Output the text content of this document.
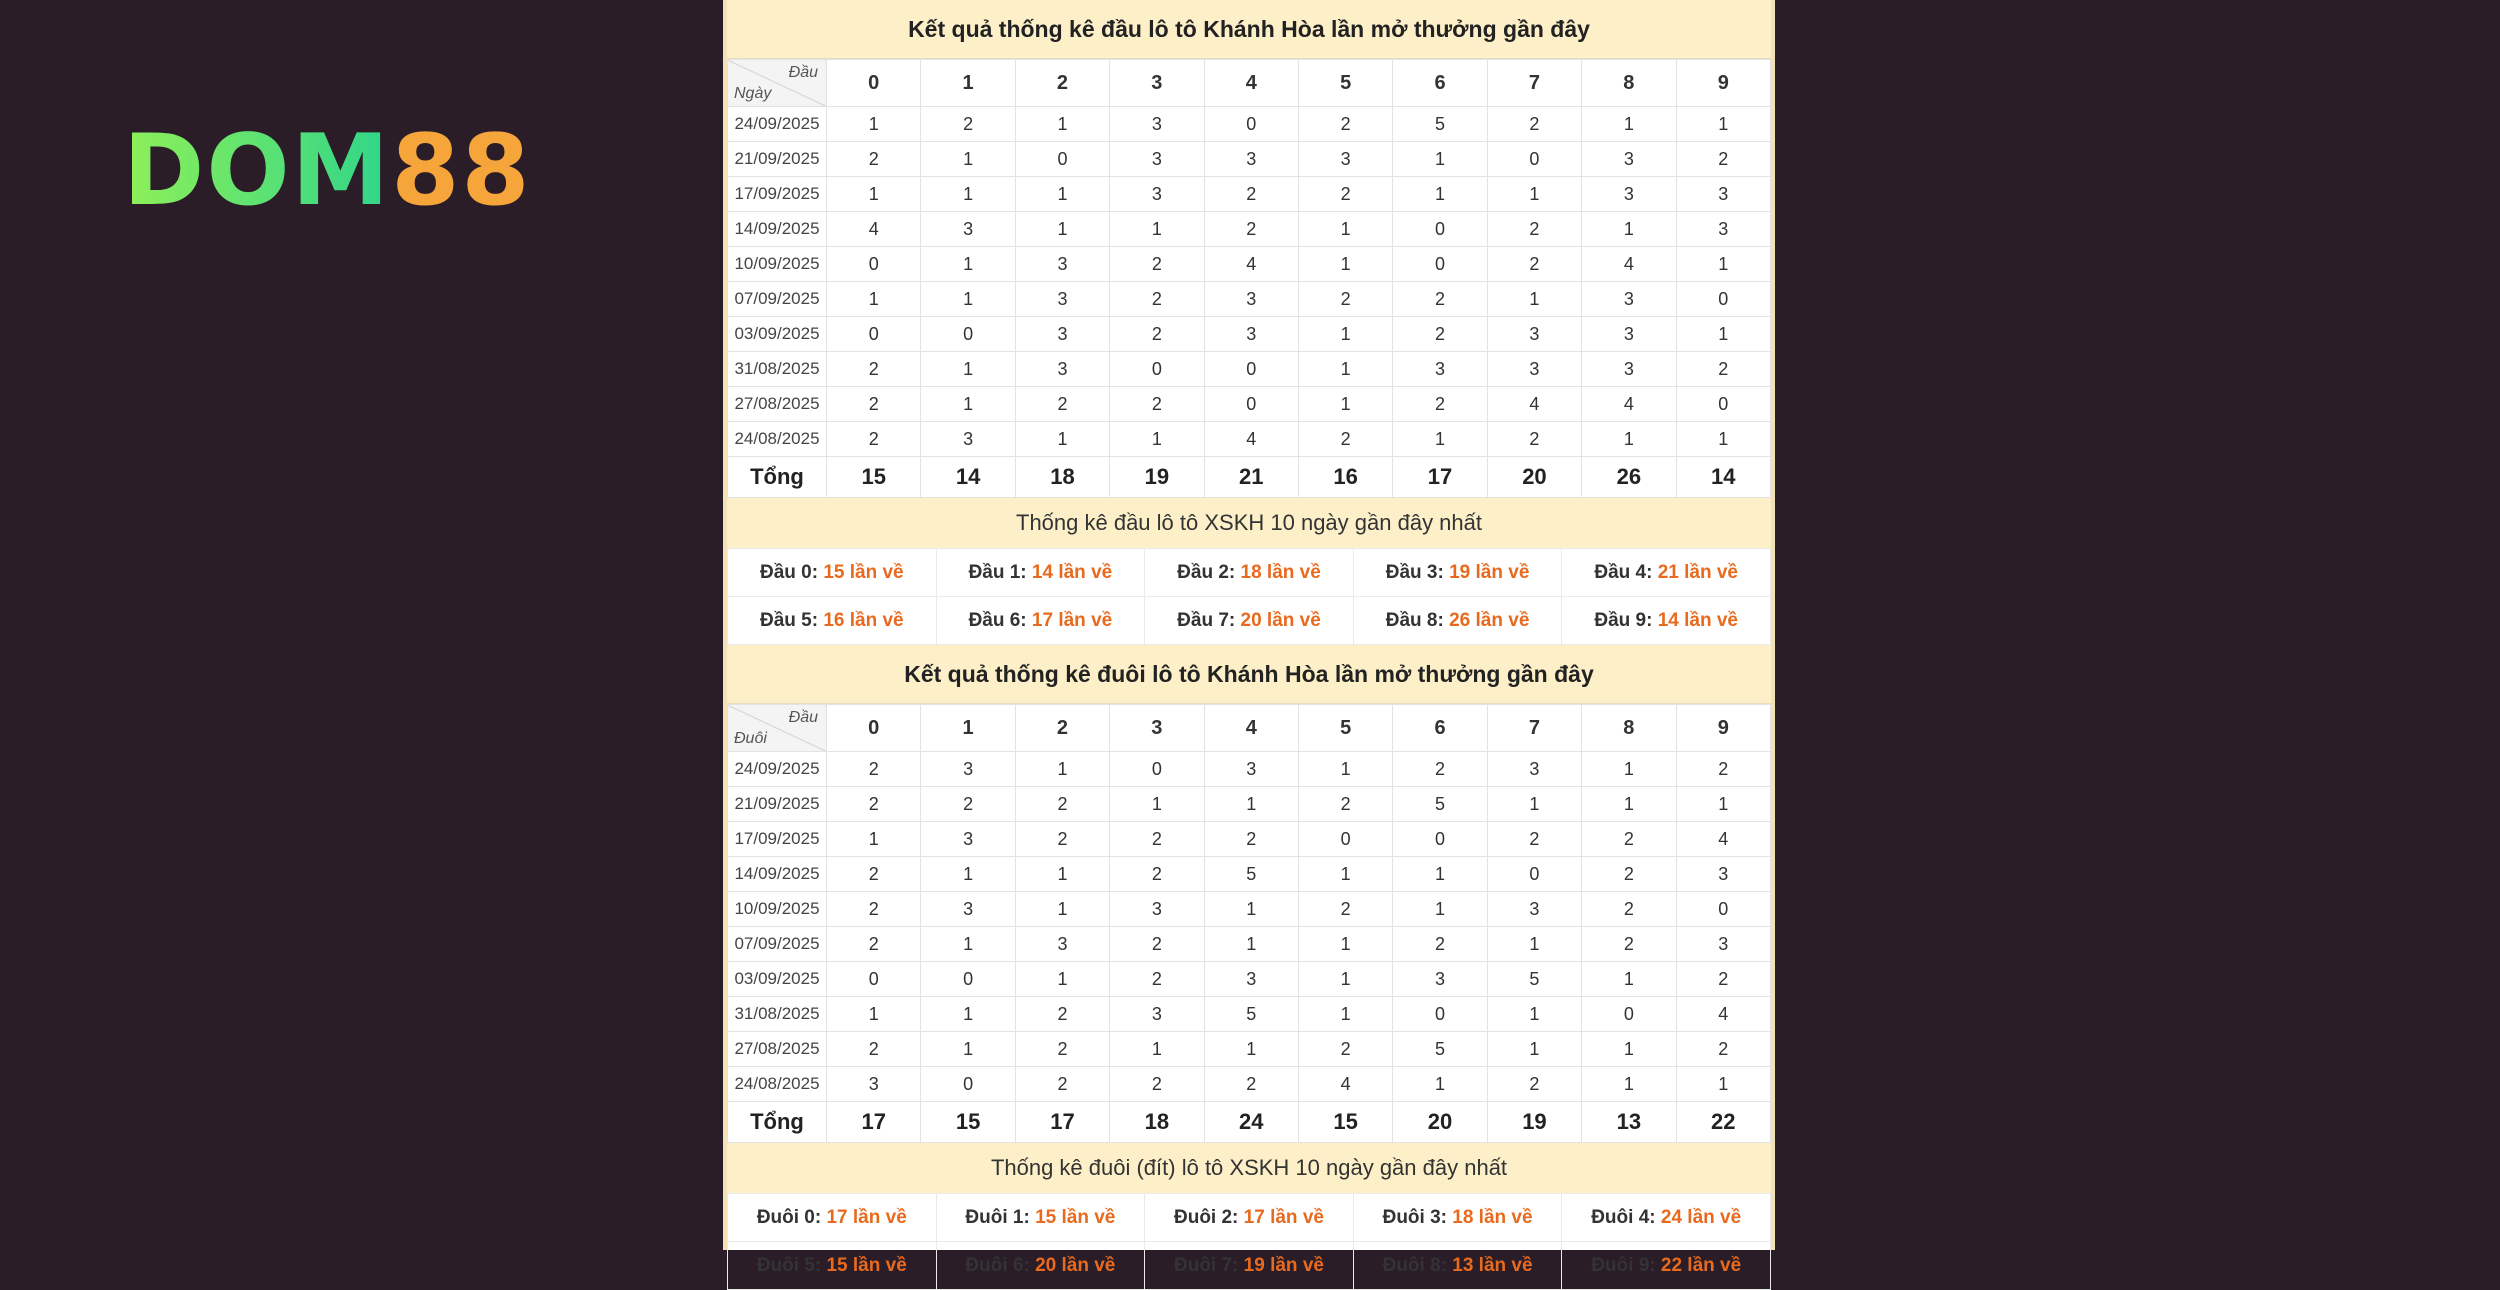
DOM88
Kết quả thống kê đầu lô tô Khánh Hòa lần mở thưởng gần đây
Đầu
Ngày	0	1	2	3	4	5	6	7	8	9
24/09/2025	1	2	1	3	0	2	5	2	1	1
21/09/2025	2	1	0	3	3	3	1	0	3	2
17/09/2025	1	1	1	3	2	2	1	1	3	3
14/09/2025	4	3	1	1	2	1	0	2	1	3
10/09/2025	0	1	3	2	4	1	0	2	4	1
07/09/2025	1	1	3	2	3	2	2	1	3	0
03/09/2025	0	0	3	2	3	1	2	3	3	1
31/08/2025	2	1	3	0	0	1	3	3	3	2
27/08/2025	2	1	2	2	0	1	2	4	4	0
24/08/2025	2	3	1	1	4	2	1	2	1	1
Tổng	15	14	18	19	21	16	17	20	26	14
Thống kê đầu lô tô XSKH 10 ngày gần đây nhất
Đầu 0: 15 lần về	Đầu 1: 14 lần về	Đầu 2: 18 lần về	Đầu 3: 19 lần về	Đầu 4: 21 lần về
Đầu 5: 16 lần về	Đầu 6: 17 lần về	Đầu 7: 20 lần về	Đầu 8: 26 lần về	Đầu 9: 14 lần về
Kết quả thống kê đuôi lô tô Khánh Hòa lần mở thưởng gần đây
Đầu
Đuôi	0	1	2	3	4	5	6	7	8	9
24/09/2025	2	3	1	0	3	1	2	3	1	2
21/09/2025	2	2	2	1	1	2	5	1	1	1
17/09/2025	1	3	2	2	2	0	0	2	2	4
14/09/2025	2	1	1	2	5	1	1	0	2	3
10/09/2025	2	3	1	3	1	2	1	3	2	0
07/09/2025	2	1	3	2	1	1	2	1	2	3
03/09/2025	0	0	1	2	3	1	3	5	1	2
31/08/2025	1	1	2	3	5	1	0	1	0	4
27/08/2025	2	1	2	1	1	2	5	1	1	2
24/08/2025	3	0	2	2	2	4	1	2	1	1
Tổng	17	15	17	18	24	15	20	19	13	22
Thống kê đuôi (đít) lô tô XSKH 10 ngày gần đây nhất
Đuôi 0: 17 lần về	Đuôi 1: 15 lần về	Đuôi 2: 17 lần về	Đuôi 3: 18 lần về	Đuôi 4: 24 lần về
Đuôi 5: 15 lần về	Đuôi 6: 20 lần về	Đuôi 7: 19 lần về	Đuôi 8: 13 lần về	Đuôi 9: 22 lần về
